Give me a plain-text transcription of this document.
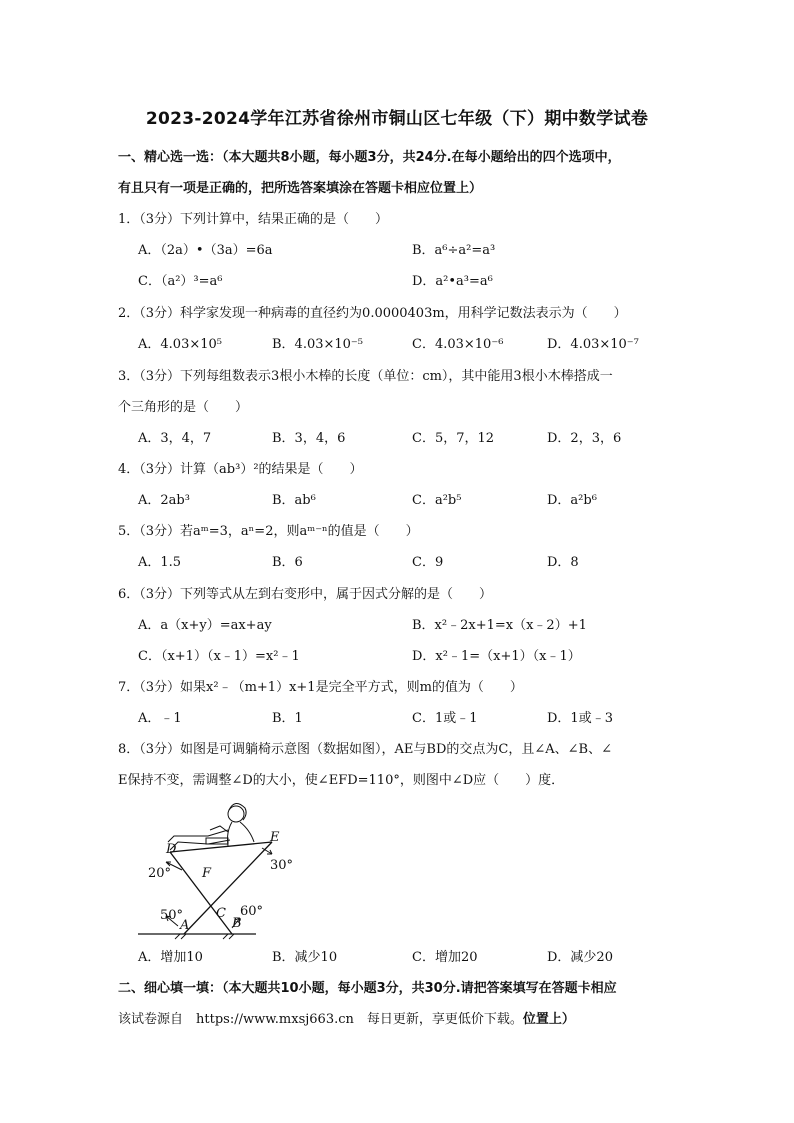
2023-2024学年江苏省徐州市铜山区七年级（下）期中数学试卷
一、精心选一选：（本大题共8小题，每小题3分，共24分.在每小题给出的四个选项中，
有且只有一项是正确的，把所选答案填涂在答题卡相应位置上）
1．（3分）下列计算中，结果正确的是（　　）
A．（2a）•（3a）=6a	B．a⁶÷a²=a³
C．（a²）³=a⁶	D．a²•a³=a⁶
2．（3分）科学家发现一种病毒的直径约为0.0000403m，用科学记数法表示为（　　）
A．4.03×10⁵	B．4.03×10⁻⁵	C．4.03×10⁻⁶	D．4.03×10⁻⁷
3．（3分）下列每组数表示3根小木棒的长度（单位：cm），其中能用3根小木棒搭成一
个三角形的是（　　）
A．3，4，7	B．3，4，6	C．5，7，12	D．2，3，6
4．（3分）计算（ab³）²的结果是（　　）
A．2ab³	B．ab⁶	C．a²b⁵	D．a²b⁶
5．（3分）若aᵐ=3，aⁿ=2，则aᵐ⁻ⁿ的值是（　　）
A．1.5	B．6	C．9	D．8
6．（3分）下列等式从左到右变形中，属于因式分解的是（　　）
A．a（x+y）=ax+ay	B．x²﹣2x+1=x（x﹣2）+1
C．（x+1）（x﹣1）=x²﹣1	D．x²﹣1=（x+1）（x﹣1）
7．（3分）如果x²﹣（m+1）x+1是完全平方式，则m的值为（　　）
A．﹣1	B．1	C．1或﹣1	D．1或﹣3
8．（3分）如图是可调躺椅示意图（数据如图），AE与BD的交点为C，且∠A、∠B、∠
E保持不变，需调整∠D的大小，使∠EFD=110°，则图中∠D应（　　）度．
D
E
F
C
A	B
20°
30°
50°	60°
A．增加10	B．减少10	C．增加20	D．减少20
二、细心填一填：（本大题共10小题，每小题3分，共30分.请把答案填写在答题卡相应
该试卷源自　https://www.mxsj663.cn　每日更新，享更低价下载。位置上）
